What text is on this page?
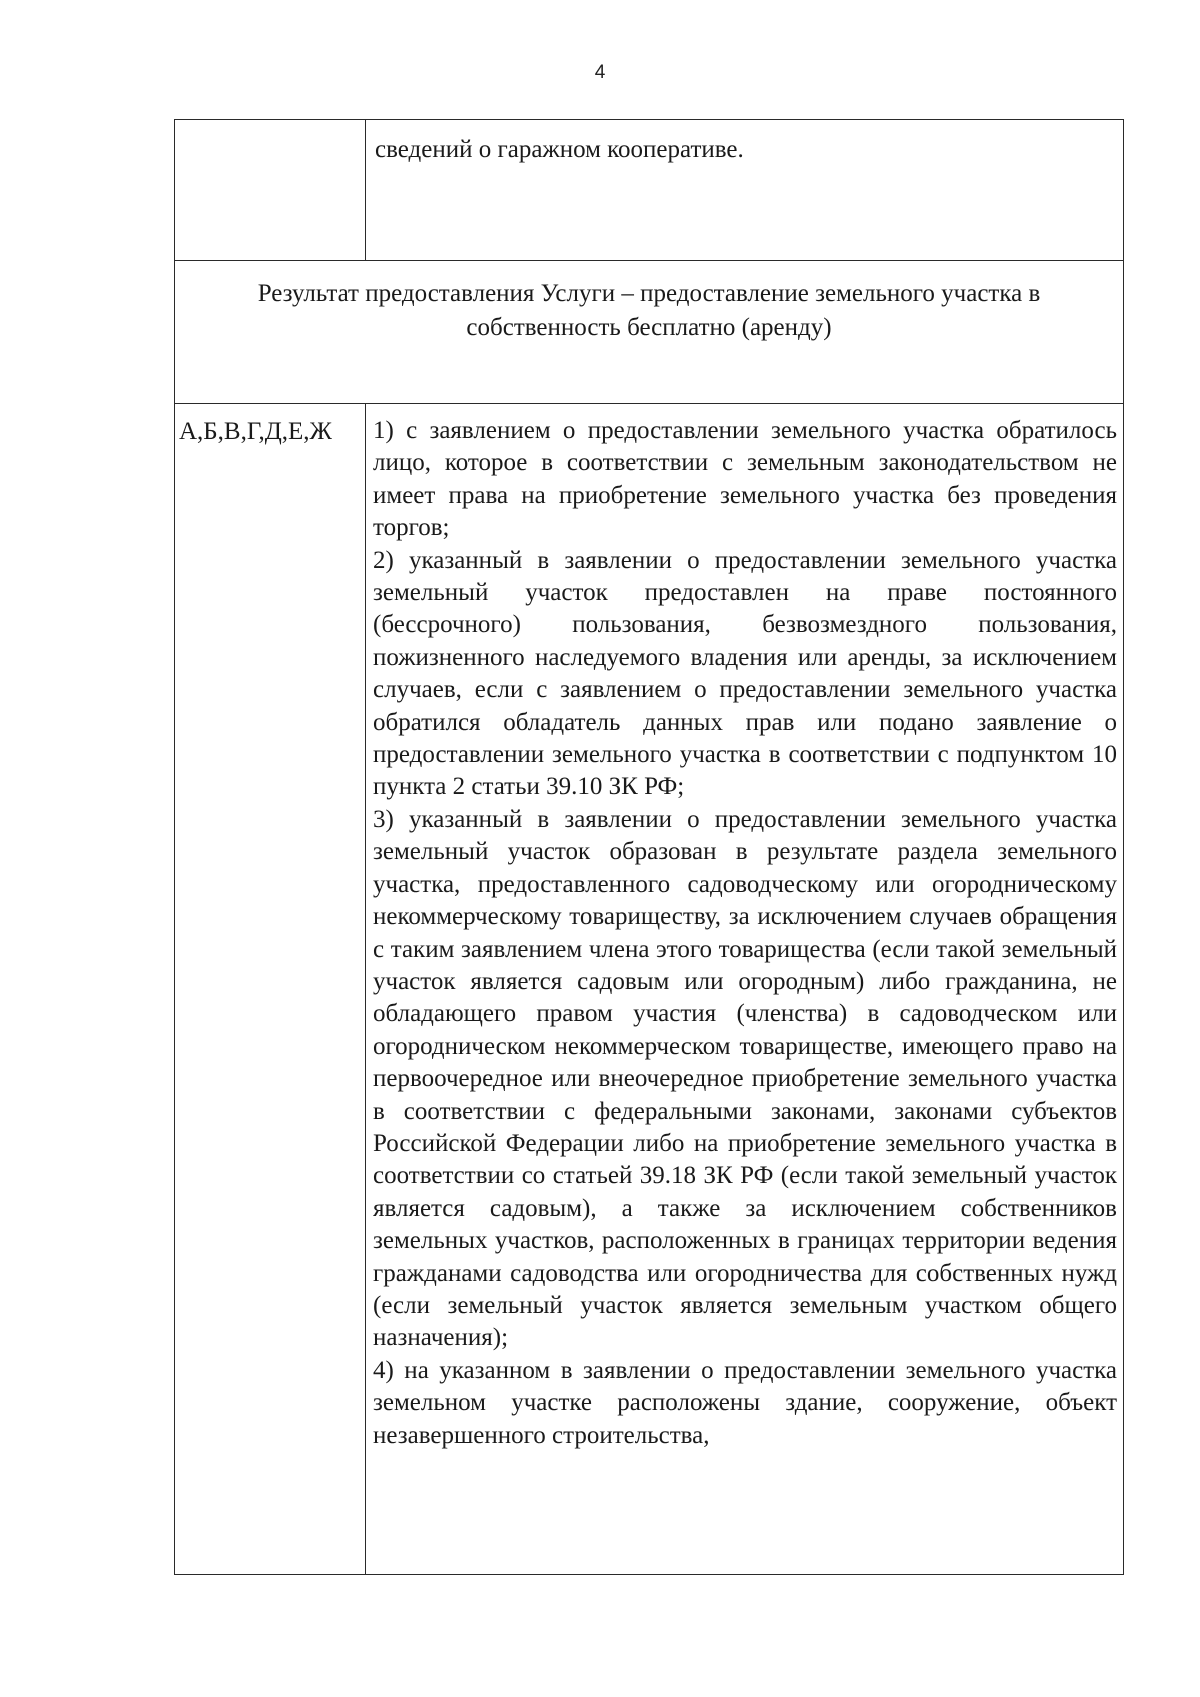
4
	сведений о гаражном кооперативе.
Результат предоставления Услуги – предоставление земельного участка в собственность бесплатно (аренду)	
А,Б,В,Г,Д,Е,Ж	1) с заявлением о предоставлении земельного участка обратилось лицо, которое в соответствии с земельным законодательством не имеет права на приобретение земельного участка без проведения торгов;

2) указанный в заявлении о предоставлении земельного участка земельный участок предоставлен на праве постоянного (бессрочного) пользования, безвозмездного пользования, пожизненного наследуемого владения или аренды, за исключением случаев, если с заявлением о предоставлении земельного участка обратился обладатель данных прав или подано заявление о предоставлении земельного участка в соответствии с подпунктом 10 пункта 2 статьи 39.10 ЗК РФ;

3) указанный в заявлении о предоставлении земельного участка земельный участок образован в результате раздела земельного участка, предоставленного садоводческому или огородническому некоммерческому товариществу, за исключением случаев обращения с таким заявлением члена этого товарищества (если такой земельный участок является садовым или огородным) либо гражданина, не обладающего правом участия (членства) в садоводческом или огородническом некоммерческом товариществе, имеющего право на первоочередное или внеочередное приобретение земельного участка в соответствии с федеральными законами, законами субъектов Российской Федерации либо на приобретение земельного участка в соответствии со статьей 39.18 ЗК РФ (если такой земельный участок является садовым), а также за исключением собственников земельных участков, расположенных в границах территории ведения гражданами садоводства или огородничества для собственных нужд (если земельный участок является земельным участком общего назначения);

4) на указанном в заявлении о предоставлении земельного участка земельном участке расположены здание, сооружение, объект незавершенного строительства,
